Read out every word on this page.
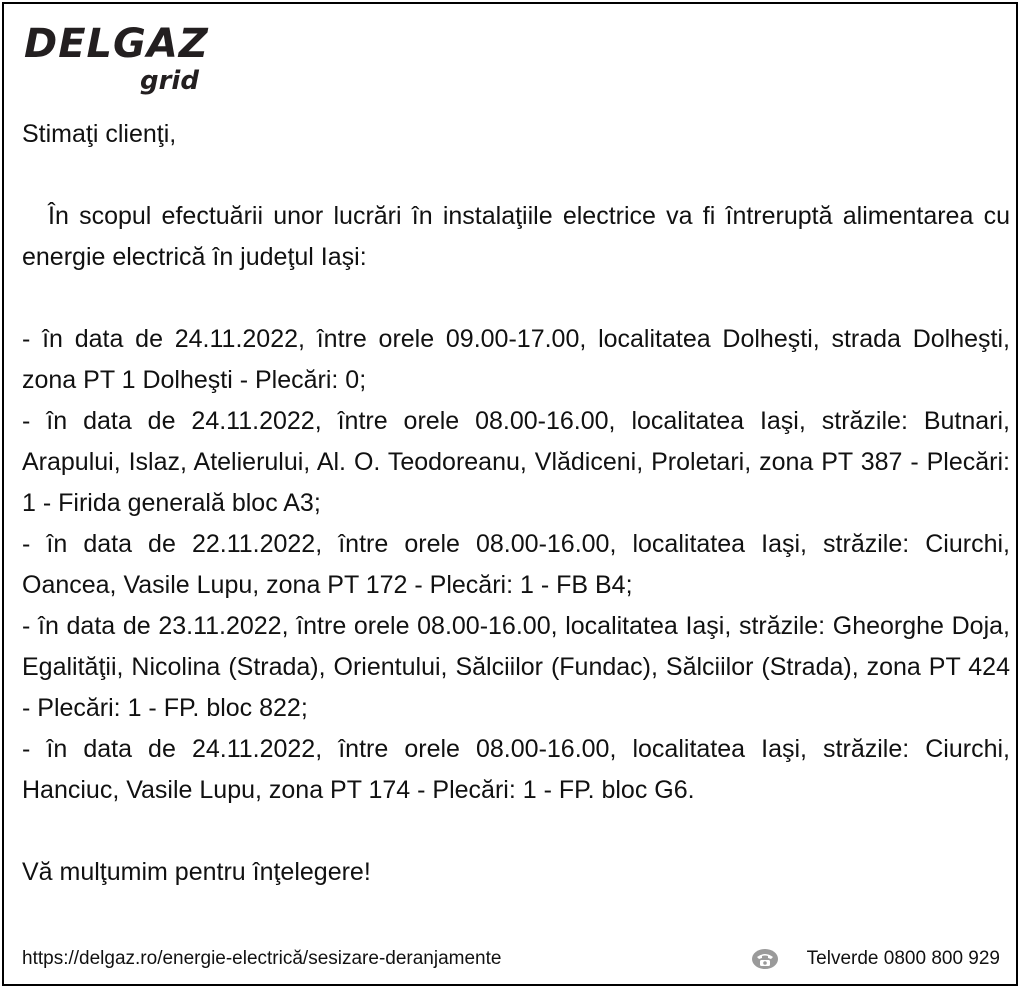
DELGAZ
grid

Stimaţi clienţi,

În scopul efectuării unor lucrări în instalaţiile electrice va fi întreruptă alimentarea cu energie electrică în judeţul Iaşi:

- în data de 24.11.2022, între orele 09.00-17.00, localitatea Dolheşti, strada Dolheşti, zona PT 1 Dolheşti - Plecări: 0;

- în data de 24.11.2022, între orele 08.00-16.00, localitatea Iaşi, străzile: Butnari, Arapului, Islaz, Atelierului, Al. O. Teodoreanu, Vlădiceni, Proletari, zona PT 387 - Plecări: 1 - Firida generală bloc A3;

- în data de 22.11.2022, între orele 08.00-16.00, localitatea Iaşi, străzile: Ciurchi, Oancea, Vasile Lupu, zona PT 172 - Plecări: 1 - FB B4;

- în data de 23.11.2022, între orele 08.00-16.00, localitatea Iaşi, străzile: Gheorghe Doja, Egalităţii, Nicolina (Strada), Orientului, Sălciilor (Fundac), Sălciilor (Strada), zona PT 424 - Plecări: 1 - FP. bloc 822;

- în data de 24.11.2022, între orele 08.00-16.00, localitatea Iaşi, străzile: Ciurchi, Hanciuc, Vasile Lupu, zona PT 174 - Plecări: 1 - FP. bloc G6.

Vă mulţumim pentru înţelegere!

https://delgaz.ro/energie-electrică/sesizare-deranjamente	Telverde 0800 800 929
